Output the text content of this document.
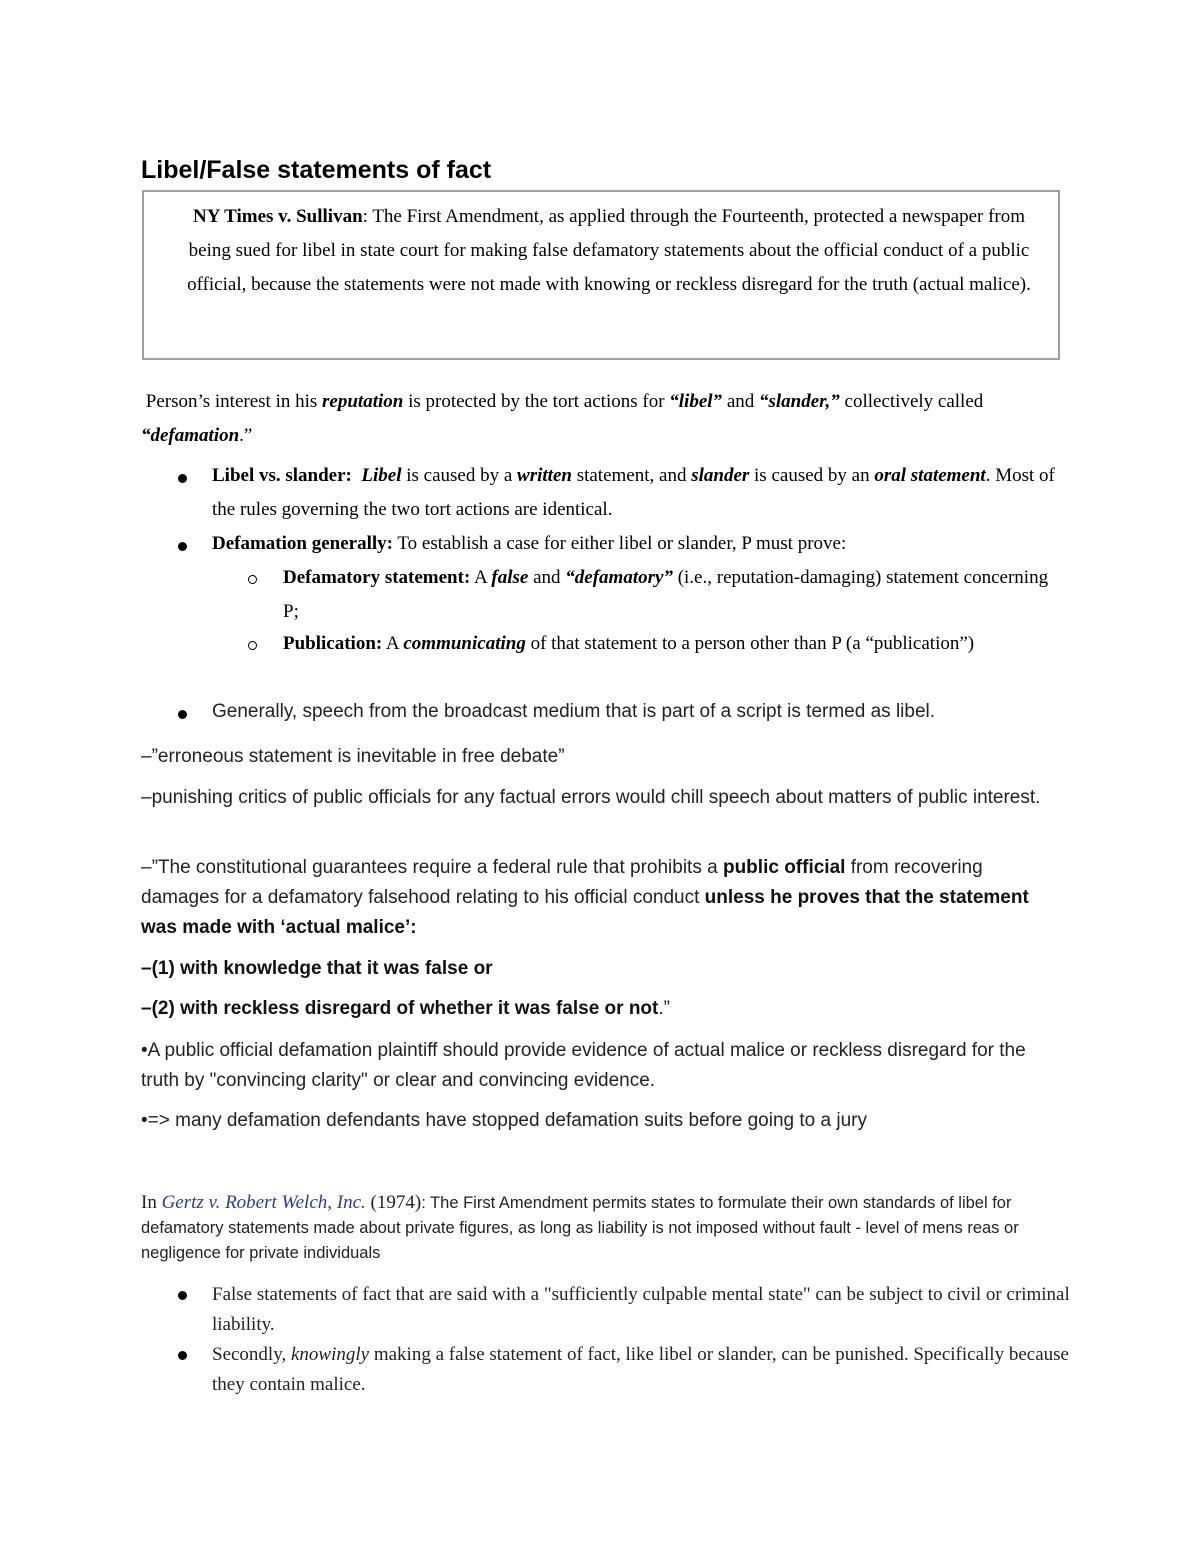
Libel/False statements of fact
NY Times v. Sullivan: The First Amendment, as applied through the Fourteenth, protected a newspaper from being sued for libel in state court for making false defamatory statements about the official conduct of a public official, because the statements were not made with knowing or reckless disregard for the truth (actual malice).
Person’s interest in his reputation is protected by the tort actions for “libel” and “slander,” collectively called “defamation.”
Libel vs. slander: Libel is caused by a written statement, and slander is caused by an oral statement. Most of the rules governing the two tort actions are identical.
Defamation generally: To establish a case for either libel or slander, P must prove:
Defamatory statement: A false and “defamatory” (i.e., reputation-damaging) statement concerning P;
Publication: A communicating of that statement to a person other than P (a “publication”)
Generally, speech from the broadcast medium that is part of a script is termed as libel.
–”erroneous statement is inevitable in free debate”
–punishing critics of public officials for any factual errors would chill speech about matters of public interest.
–”The constitutional guarantees require a federal rule that prohibits a public official from recovering damages for a defamatory falsehood relating to his official conduct unless he proves that the statement was made with ‘actual malice’:
–(1) with knowledge that it was false or
–(2) with reckless disregard of whether it was false or not.”
•A public official defamation plaintiff should provide evidence of actual malice or reckless disregard for the truth by "convincing clarity" or clear and convincing evidence.
•=> many defamation defendants have stopped defamation suits before going to a jury
In Gertz v. Robert Welch, Inc. (1974): The First Amendment permits states to formulate their own standards of libel for defamatory statements made about private figures, as long as liability is not imposed without fault - level of mens reas or negligence for private individuals
False statements of fact that are said with a "sufficiently culpable mental state" can be subject to civil or criminal liability.
Secondly, knowingly making a false statement of fact, like libel or slander, can be punished. Specifically because they contain malice.
